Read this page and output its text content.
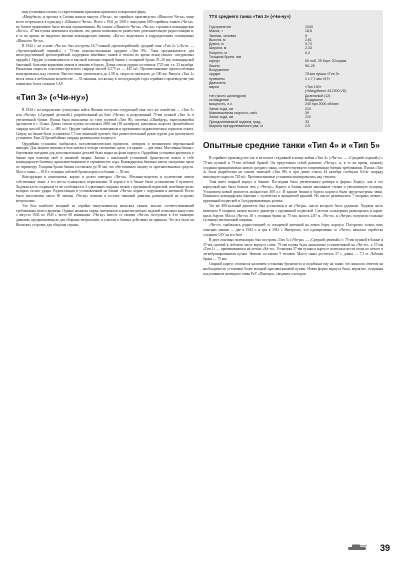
надгусеничных полках со скругленными крыльями крепились поворотные фары.

«Мицубиси» и арсенал в Сагами начали выпуск «Чи-ха», но серийное производство «Шинхото Чи-ха» чаще всего встречалось в один ряд с «Шинхото Чи-ха». Всего с 1941 до 1945 г. выпущено 600 серийных танков «Чи-ха», но боевое применение было весьма ограниченным. На основе «Шинхото Чи-ха» «Чи-ха» строились командирские «Ка-со»: 47-мм пушка заменялась муляжом, что давало возможность разместить дополнительную радиостанцию и, в то же время, не выделять внешне командирскую машину. «Ка-со» выделялась в подразделениях оснащенных «Шинхото Чи-ха».

В 1942 г. на основе «Чи-ха» был построен 16,7-тонный «артиллерийский» средний танк «Тип 2» («Хо-и» — «Артиллерийский первый») с 75-мм короткоствольным орудием «Тип 99». Танк предназначался для непосредственной артиллерийской поддержки линейных танков и пехоты во время атаки (аналог «штурмовых орудий»). Орудие устанавливалось в высокой клепано-сварной башне с толщиной брони 35–20 мм, командирской башенкой, большим кормовым люком и люками в бортах. Длина ствола орудия составляла 1725 мм, т.е. 23 калибра. Начальная скорость осколочно-фугасного снаряда массой 6,575 кг — 445 м/с. Противотанковые приспособления монтировались над стволом. Высота танка увеличилась до 2,58 м, скорость снизилась до 100 км. Выпуск «Тип 2» велся лишь в небольшом количестве — 33 машины, поскольку в последующую годы серийного производства уже появились более сильные САУ.

«Тип 3» («Чи-ну»)

В 1944 г. на вооружение сухопутных войск Японии поступил следующий танк того же семейства — «Тип 3» или «Чи-ну» («Средний десятый»), разработанный на базе «Чи-ха» и вооруженный 75-мм пушкой «Тип 3» в увеличенной башне. Пушка была выполнена по типу полевой «Тип 90» системы «Шнейдер», выпускавшейся арсеналом в г. Осака. Длина ствола пушки составляла 2850 мм (38 калибров), начальная скорость бронебойного снаряда массой 6,6 кг — 680 м/с. Орудие снабжалось накатником и пружинным гидравлическим тормозом отката. Сверху на башне была установлен 7,7-мм зенитный пулемет, был разместительный рукав турели для пулеметного установки. Еще 22 бронебойных снаряда размещались в корпусе.

Орудийная установка снабжалась полуавтоматическим прицелом, затвором и механизмом вертикальной наводки. Для защиты экипажа в бою имелись четыре смотровых щели, а в крыше — два люка. Массивная башня с бортовыми гнездами для дополнительных деталей была видна на фоне корпуса. Орудийная установка крепилась к башне при помощи скоб и нишевой сварки. Башня с наклонной установкой бронелистов имела в себе командирскую башенку, крыльями-маячками и ограничитель хода. Командирская башенка имела смотровые щели по периметру. Толщина брони башни составляла до 50 мм, что обеспечивало защиту от противотанковых средств. Масса танка — 18,8 т, толщина лобовой брони корпуса и башни — 50 мм.

Конструкция и компоновка: корпус в целом повторял «Чи-ха». Механик-водитель и пулеметчик имели собственные люки, а его места оснащались перископами. В корпусе и в башне были установлены 4 пулемета. Ходовая часть сохраняла те же особенности: 6 сдвоенных опорных катков с пружинной подвеской, колебание колес которых гасило удары. Радиостанция в установленной на башне «Чи-ха» корме с поручнями и антенной. Всего было изготовлено около 60 машин. «Чи-ну» воевали в составе танковой дивизии, размещенной на островах метрополии.

Это был наиболее мощный из серийно выпускавшихся японских танков, вполне соответствовавший требованиям своего времени. Однако нехватка сырья, материалов и комплектующих изделий позволила выпустить с августа 1943 по 1945 г. всего 60 машинами. «Чи-ну» вместе со своими «Чи-ха» поступили в 4-ю танковую дивизию, предназначенную для обороны метрополии, и участия в боевых действиях не приняли. Это все было на Японских островах для обороны страны.

ТТХ среднего танка «Тип 3» («Чи-ну»)
Год принятия	1943
Масса, т	18,8
Экипаж, человек	5
Высота, м	2,61
Длина, м	5,73
Ширина, м	2,33
Клиренс, м	0,4
Толщина брони, мм
корпус	50 лоб, 25 борт, 20 корма
башни	50–25
Вооружение
орудие	75-мм пушка «Тип 3»
пулеметы	1 х 7,7-мм «97»
Двигатель
марка	«Тип 100»
(«Мицубиси» А12200 VD)
тип (число цилиндров)	Дизельный (12)
охлаждение	Воздушное
мощность, л.с.	240 при 2000 об/мин
Запас хода, км	210
Максимальная скорость, км/ч	39
Запас хода, км	210
Преодолеваемый подъем, град.	33
Ширина преодолеваемого рва, м	2,5
Опытные средние танки «Тип 4» и «Тип 5»

В серийное производство так и не пошел созданный в конце войны «Тип 4» («Чи-то» — «Средний седьмой») с 75-мм пушкой и 75-мм лобовой броней. Он представлял собой развитие «Чи-ну», и, в то же время, попытку создания принципиально нового среднего танка, соответствующего современным боевым требованиям. Пушка «Тип 4» была разработана на основе зенитной «Тип 88» и при длине ствола 44 калибра сообщала 6,6-кг снаряду начальную скорость 720 м/с. Противотанковые установки монтировались над стволом.

Танк имел сварной корпус и башню. Последняя была увеличенного размера и формы. Корпус, как и его корпусный низ была больше чем у «Чи-ну». Корпус и башня имели наклонные стенки и увеличенную толщину. Установлен новый двигатель мощностью 400 л.с. В крыше башни и бортах корпуса были предусмотрены люки. Появилась командирская башенка с пулеметом и вращаемой крышей. На шасси размещались 7 опорных катков с пружинной подвеской и 3 поддерживающих ролика.

Тот же 400-сильный двигатель был установлен и на «Чи-ри», шасси которого было удлинено. Ходовая часть включала 8 опорных катков малого диаметра с пружинной подвеской. Система охлаждения размещалась в корме, вдоль бортов. Масса «Чи-то» 30 т, толщина брони до 75 мм, высота 2,87 м. «Чи-то» и «Чи-ри» получили стальные гусеницы увеличенной ширины.

«Чи-то» снабжалась радиостанцией со штыревой антенной на левом борту корпуса. Построено только пять опытных машин — две в 1942 г. и три в 1943 г. Интересно, что одновременно со «Чи-то» началась отработка создания САУ на его базе.

В двух опытных экземплярах был построен «Тип 5» («Чи-ри» — «Средний девятый») с 75-мм пушкой в башне и 37-мм пушкой в лобовом листе корпуса слева. 75-мм пушка была аналогична установленной на «Чи-то», а 37-мм «Тип 1» — применявшимся на легких «Ке-то». Установка 37-мм пушки в корпусе позволяла вести огонь по пехоте и легкобронированным целям. Экипаж составлял 5 человек. Масса танка достигала 37 т, длина — 7,3 м. Лобовая броня — 75 мм.

Сварной корпус отличался наличием установки бронелиста и подобным ему на танке, что являлось ответом на необходимость установки более мощной противотанковой пушки. Новая форма корпуса была, вероятно, созданная под влиянием немецкого танка PzV «Пантера», сведения о котором

39
